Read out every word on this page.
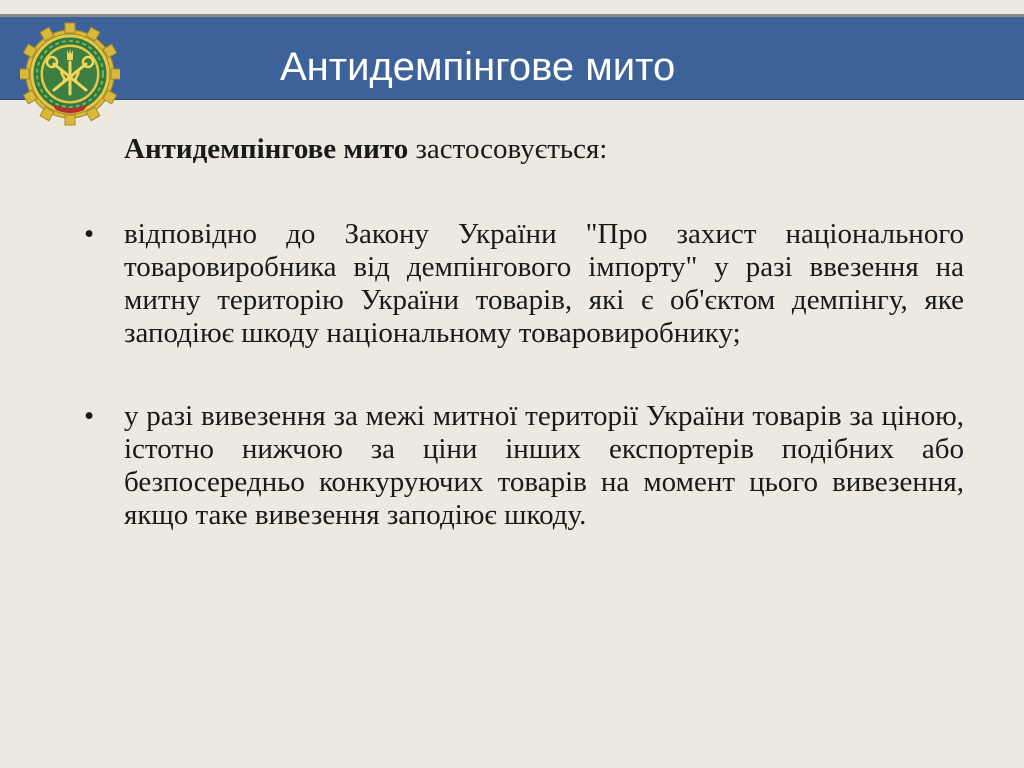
Антидемпінгове мито

Антидемпінгове мито застосовується:

•	відповідно до Закону України "Про захист національного товаровиробника від демпінгового імпорту" у разі ввезення на митну територію України товарів, які є об'єктом демпінгу, яке заподіює шкоду національному товаровиробнику;

•	у разі вивезення за межі митної території України товарів за ціною, істотно нижчою за ціни інших експортерів подібних або безпосередньо конкуруючих товарів на момент цього вивезення, якщо таке вивезення заподіює шкоду.
